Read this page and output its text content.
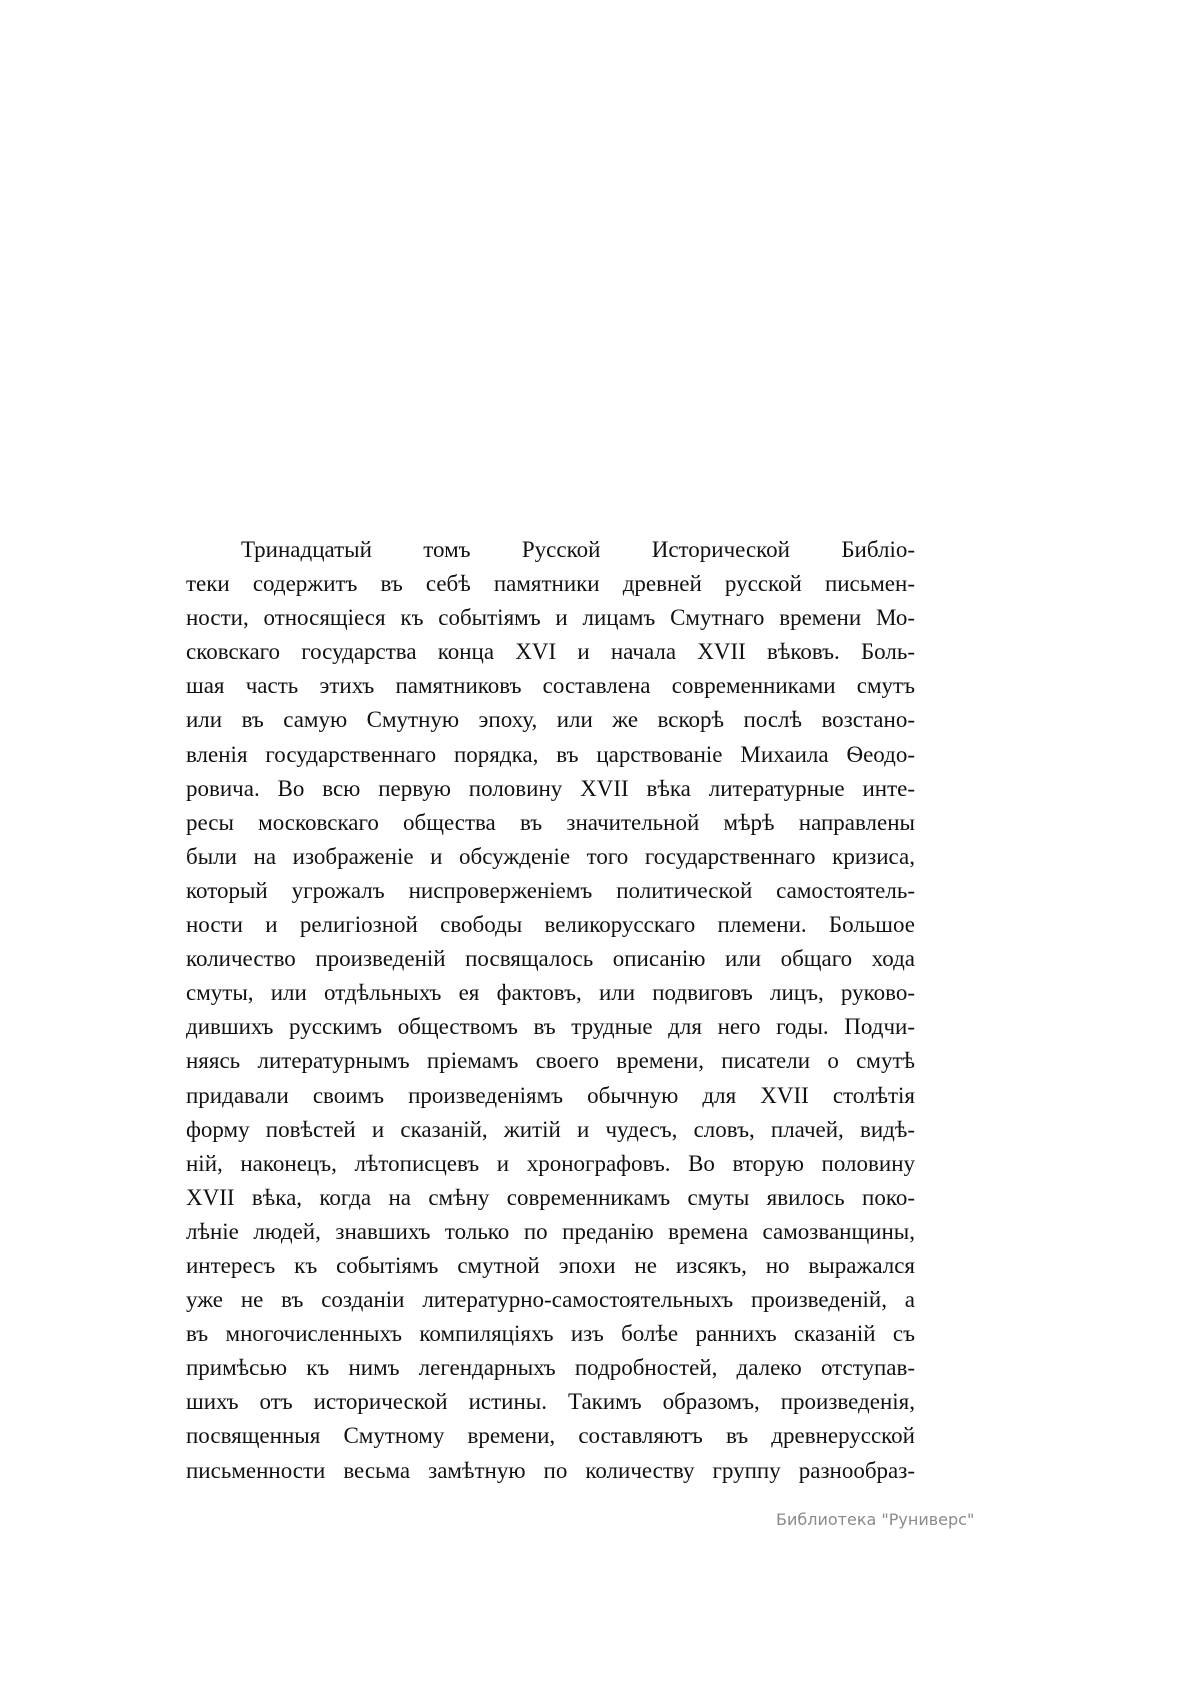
Тринадцатый томъ Русской Исторической Библіо-
теки содержитъ въ себѣ памятники древней русской письмен-
ности, относящіеся къ событіямъ и лицамъ Смутнаго времени Мо-
сковскаго государства конца XVI и начала XVII вѣковъ. Боль-
шая часть этихъ памятниковъ составлена современниками смутъ
или въ самую Смутную эпоху, или же вскорѣ послѣ возстано-
вленія государственнаго порядка, въ царствованіе Михаила Ѳеодо-
ровича. Во всю первую половину XVII вѣка литературные инте-
ресы московскаго общества въ значительной мѣрѣ направлены
были на изображеніе и обсужденіе того государственнаго кризиса,
который угрожалъ ниспроверженіемъ политической самостоятель-
ности и религіозной свободы великорусскаго племени. Большое
количество произведеній посвящалось описанію или общаго хода
смуты, или отдѣльныхъ ея фактовъ, или подвиговъ лицъ, руково-
дившихъ русскимъ обществомъ въ трудные для него годы. Подчи-
няясь литературнымъ пріемамъ своего времени, писатели о смутѣ
придавали своимъ произведеніямъ обычную для XVII столѣтія
форму повѣстей и сказаній, житій и чудесъ, словъ, плачей, видѣ-
ній, наконецъ, лѣтописцевъ и хронографовъ. Во вторую половину
XVII вѣка, когда на смѣну современникамъ смуты явилось поко-
лѣніе людей, знавшихъ только по преданію времена самозванщины,
интересъ къ событіямъ смутной эпохи не изсякъ, но выражался
уже не въ созданіи литературно-самостоятельныхъ произведеній, а
въ многочисленныхъ компиляціяхъ изъ болѣе раннихъ сказаній съ
примѣсью къ нимъ легендарныхъ подробностей, далеко отступав-
шихъ отъ исторической истины. Такимъ образомъ, произведенія,
посвященныя Смутному времени, составляютъ въ древнерусской
письменности весьма замѣтную по количеству группу разнообраз-
Библиотека "Руниверс"
